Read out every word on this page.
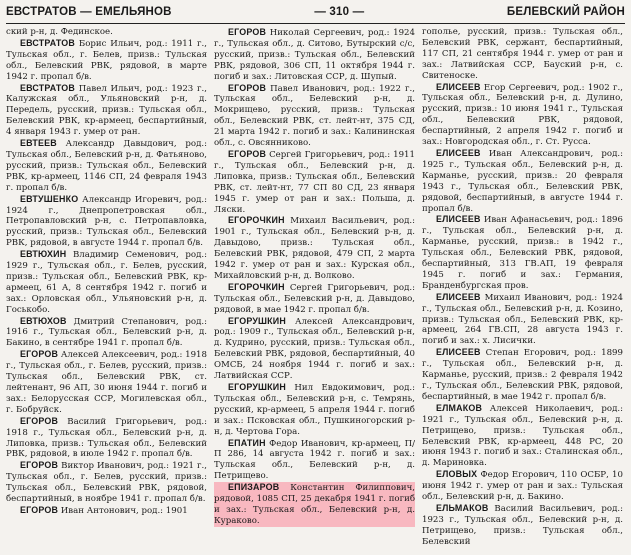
ЕВСТРАТОВ — ЕМЕЛЬЯНОВ	— 310 —	БЕЛЕВСКИЙ РАЙОН

ский р-н, д. Фединское.

ЕВСТРАТОВ Борис Ильич, род.: 1911 г., Тульская обл., г. Белев, призв.: Тульская обл., Белевский РВК, рядовой, в марте 1942 г. пропал б/в.

ЕВСТРАТОВ Павел Ильич, род.: 1923 г., Калужская обл., Ульяновский р-н, д. Передель, русский, призв.: Тульская обл., Белевский РВК, кр-армеец, беспартийный, 4 января 1943 г. умер от ран.

ЕВТЕЕВ Александр Давыдович, род.: Тульская обл., Белевский р-н, д. Фатьяново, русский, призв.: Тульская обл., Белевский РВК, кр-армеец, 1146 СП, 24 февраля 1943 г. пропал б/в.

ЕВТУШЕНКО Александр Игоревич, род.: 1924 г., Днепропетровская обл., Петропавловский р-н, с. Петропавловка, русский, призв.: Тульская обл., Белевский РВК, рядовой, в августе 1944 г. пропал б/в.

ЕВТЮХИН Владимир Семенович, род.: 1929 г., Тульская обл., г. Белев, русский, призв.: Тульская обл., Белевский РВК, кр-армеец, 61 А, 8 сентября 1942 г. погиб и зах.: Орловская обл., Ульяновский р-н, д. Госькобо.

ЕВТЮХОВ Дмитрий Степанович, род.: 1916 г., Тульская обл., Белевский р-н, д. Бакино, в сентябре 1941 г. пропал б/в.

ЕГОРОВ Алексей Алексеевич, род.: 1918 г., Тульская обл., г. Белев, русский, призв.: Тульская обл., Белевский РВК, ст. лейтенант, 96 АП, 30 июня 1944 г. погиб и зах.: Белорусская ССР, Могилевская обл., г. Бобруйск.

ЕГОРОВ Василий Григорьевич, род.: 1918 г., Тульская обл., Белевский р-н, д. Липовка, призв.: Тульская обл., Белевский РВК, рядовой, в июле 1942 г. пропал б/в.

ЕГОРОВ Виктор Иванович, род.: 1921 г., Тульская обл., г. Белев, русский, призв.: Тульская обл., Белевский РВК, рядовой, беспартийный, в ноябре 1941 г. пропал б/в.

ЕГОРОВ Иван Антонович, род.: 1901

ЕГОРОВ Николай Сергеевич, род.: 1924 г., Тульская обл., д. Ситово, Бутырский с/с, русский, призв.: Тульская обл., Белевский РВК, рядовой, 306 СП, 11 октября 1944 г. погиб и зах.: Литовская ССР, д. Шупый.

ЕГОРОВ Павел Иванович, род.: 1922 г., Тульская обл., Белевский р-н, д. Мокрищево, русский, призв.: Тульская обл., Белевский РВК, ст. лейт-нт, 375 СД, 21 марта 1942 г. погиб и зах.: Калининская обл., с. Овсянниково.

ЕГОРОВ Сергей Григорьевич, род.: 1911 г., Тульская обл., Белевский р-н, д. Липовка, призв.: Тульская обл., Белевский РВК, ст. лейт-нт, 77 СП 80 СД, 23 января 1945 г. умер от ран и зах.: Польша, д. Ляски.

ЕГОРОЧКИН Михаил Васильевич, род.: 1901 г., Тульская обл., Белевский р-н, д. Давыдово, призв.: Тульская обл., Белевский РВК, рядовой, 479 СП, 2 марта 1942 г. умер от ран и зах.: Курская обл., Михайловский р-н, д. Волково.

ЕГОРОЧКИН Сергей Григорьевич, род.: Тульская обл., Белевский р-н, д. Давыдово, рядовой, в мае 1942 г. пропал б/в.

ЕГОРУШКИН Алексей Александрович, род.: 1909 г., Тульская обл., Белевский р-н, д. Кудрино, русский, призв.: Тульская обл., Белевский РВК, рядовой, беспартийный, 40 ОМСБ, 24 ноября 1944 г. погиб и зах.: Латвийская ССР.

ЕГОРУШКИН Нил Евдокимович, род.: Тульская обл., Белевский р-н, с. Темрянь, русский, кр-армеец, 5 апреля 1944 г. погиб и зах.: Псковская обл., Пушкиногорский р-н, д. Чертова Гора.

ЕПАТИН Федор Иванович, кр-армеец, П/П 286, 14 августа 1942 г. погиб и зах.: Тульская обл., Белевский р-н, д. Петрищево.

ЕПИЗАРОВ Константин Филиппович, рядовой, 1085 СП, 25 декабря 1941 г. погиб и зах.: Тульская обл., Белевский р-н, д. Кураково.

гопольe, русский, призв.: Тульская обл., Белевский РВК, сержант, беспартийный, 117 СП, 21 сентября 1944 г. умер от ран и зах.: Латвийская ССР, Бауский р-н, с. Свитеноске.

ЕЛИСЕЕВ Егор Сергеевич, род.: 1902 г., Тульская обл., Белевский р-н, д. Дулино, русский, призв.: 10 июня 1941 г., Тульская обл., Белевский РВК, рядовой, беспартийный, 2 апреля 1942 г. погиб и зах.: Новгородская обл., г. Ст. Русса.

ЕЛИСЕЕВ Иван Александрович, род.: 1925 г., Тульская обл., Белевский р-н, д. Карманье, русский, призв.: 20 февраля 1943 г., Тульская обл., Белевский РВК, рядовой, беспартийный, в августе 1944 г. пропал б/в.

ЕЛИСЕЕВ Иван Афанасьевич, род.: 1896 г., Тульская обл., Белевский р-н, д. Карманье, русский, призв.: в 1942 г., Тульская обл., Белевский РВК, рядовой, беспартийный, 313 ГВ.АП, 19 февраля 1945 г. погиб и зах.: Германия, Бранденбургская пров.

ЕЛИСЕЕВ Михаил Иванович, род.: 1924 г., Тульская обл., Белевский р-н, д. Козино, призв.: Тульская обл., Белевский РВК, кр-армеец, 264 ГВ.СП, 28 августа 1943 г. погиб и зах.: х. Лисички.

ЕЛИСЕЕВ Степан Егорович, род.: 1899 г., Тульская обл., Белевский р-н, д. Карманье, русский, призв.: 2 февраля 1942 г., Тульская обл., Белевский РВК, рядовой, беспартийный, в мае 1942 г. пропал б/в.

ЕЛМАКОВ Алексей Николаевич, род.: 1921 г., Тульская обл., Белевский р-н, д. Петрищево, призв.: Тульская обл., Белевский РВК, кр-армеец, 448 РС, 20 июня 1943 г. погиб и зах.: Сталинская обл., д. Мариновка.

ЕЛОВЫХ Федор Егорович, 110 ОСБР, 10 июня 1942 г. умер от ран и зах.: Тульская обл., Белевский р-н, д. Бакино.

ЕЛЬМАКОВ Василий Васильевич, род.: 1923 г., Тульская обл., Белевский р-н, д. Петрищево, призв.: Тульская обл., Белевский
